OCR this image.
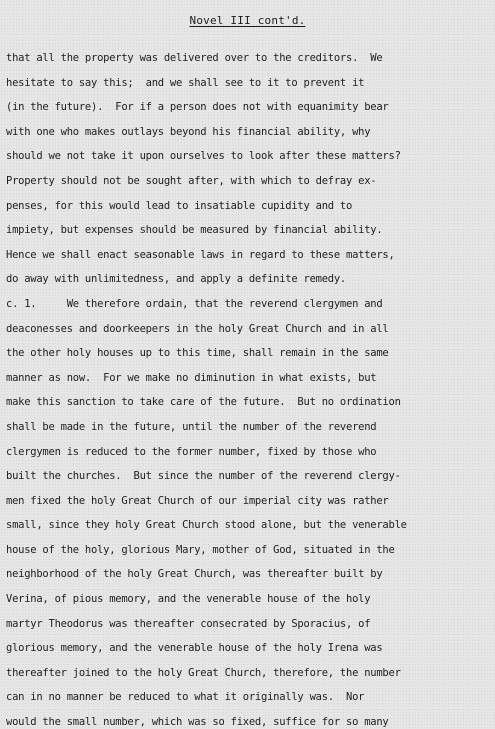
Novel III cont'd.
that all the property was delivered over to the creditors.  We
hesitate to say this;  and we shall see to it to prevent it
(in the future).  For if a person does not with equanimity bear
with one who makes outlays beyond his financial ability, why
should we not take it upon ourselves to look after these matters?
Property should not be sought after, with which to defray ex-
penses, for this would lead to insatiable cupidity and to
impiety, but expenses should be measured by financial ability.
Hence we shall enact seasonable laws in regard to these matters,
do away with unlimitedness, and apply a definite remedy.
c. 1.     We therefore ordain, that the reverend clergymen and
deaconesses and doorkeepers in the holy Great Church and in all
the other holy houses up to this time, shall remain in the same
manner as now.  For we make no diminution in what exists, but
make this sanction to take care of the future.  But no ordination
shall be made in the future, until the number of the reverend
clergymen is reduced to the former number, fixed by those who
built the churches.  But since the number of the reverend clergy-
men fixed the holy Great Church of our imperial city was rather
small, since they holy Great Church stood alone, but the venerable
house of the holy, glorious Mary, mother of God, situated in the
neighborhood of the holy Great Church, was thereafter built by
Verina, of pious memory, and the venerable house of the holy
martyr Theodorus was thereafter consecrated by Sporacius, of
glorious memory, and the venerable house of the holy Irena was
thereafter joined to the holy Great Church, therefore, the number
can in no manner be reduced to what it originally was.  Nor
would the small number, which was so fixed, suffice for so many
